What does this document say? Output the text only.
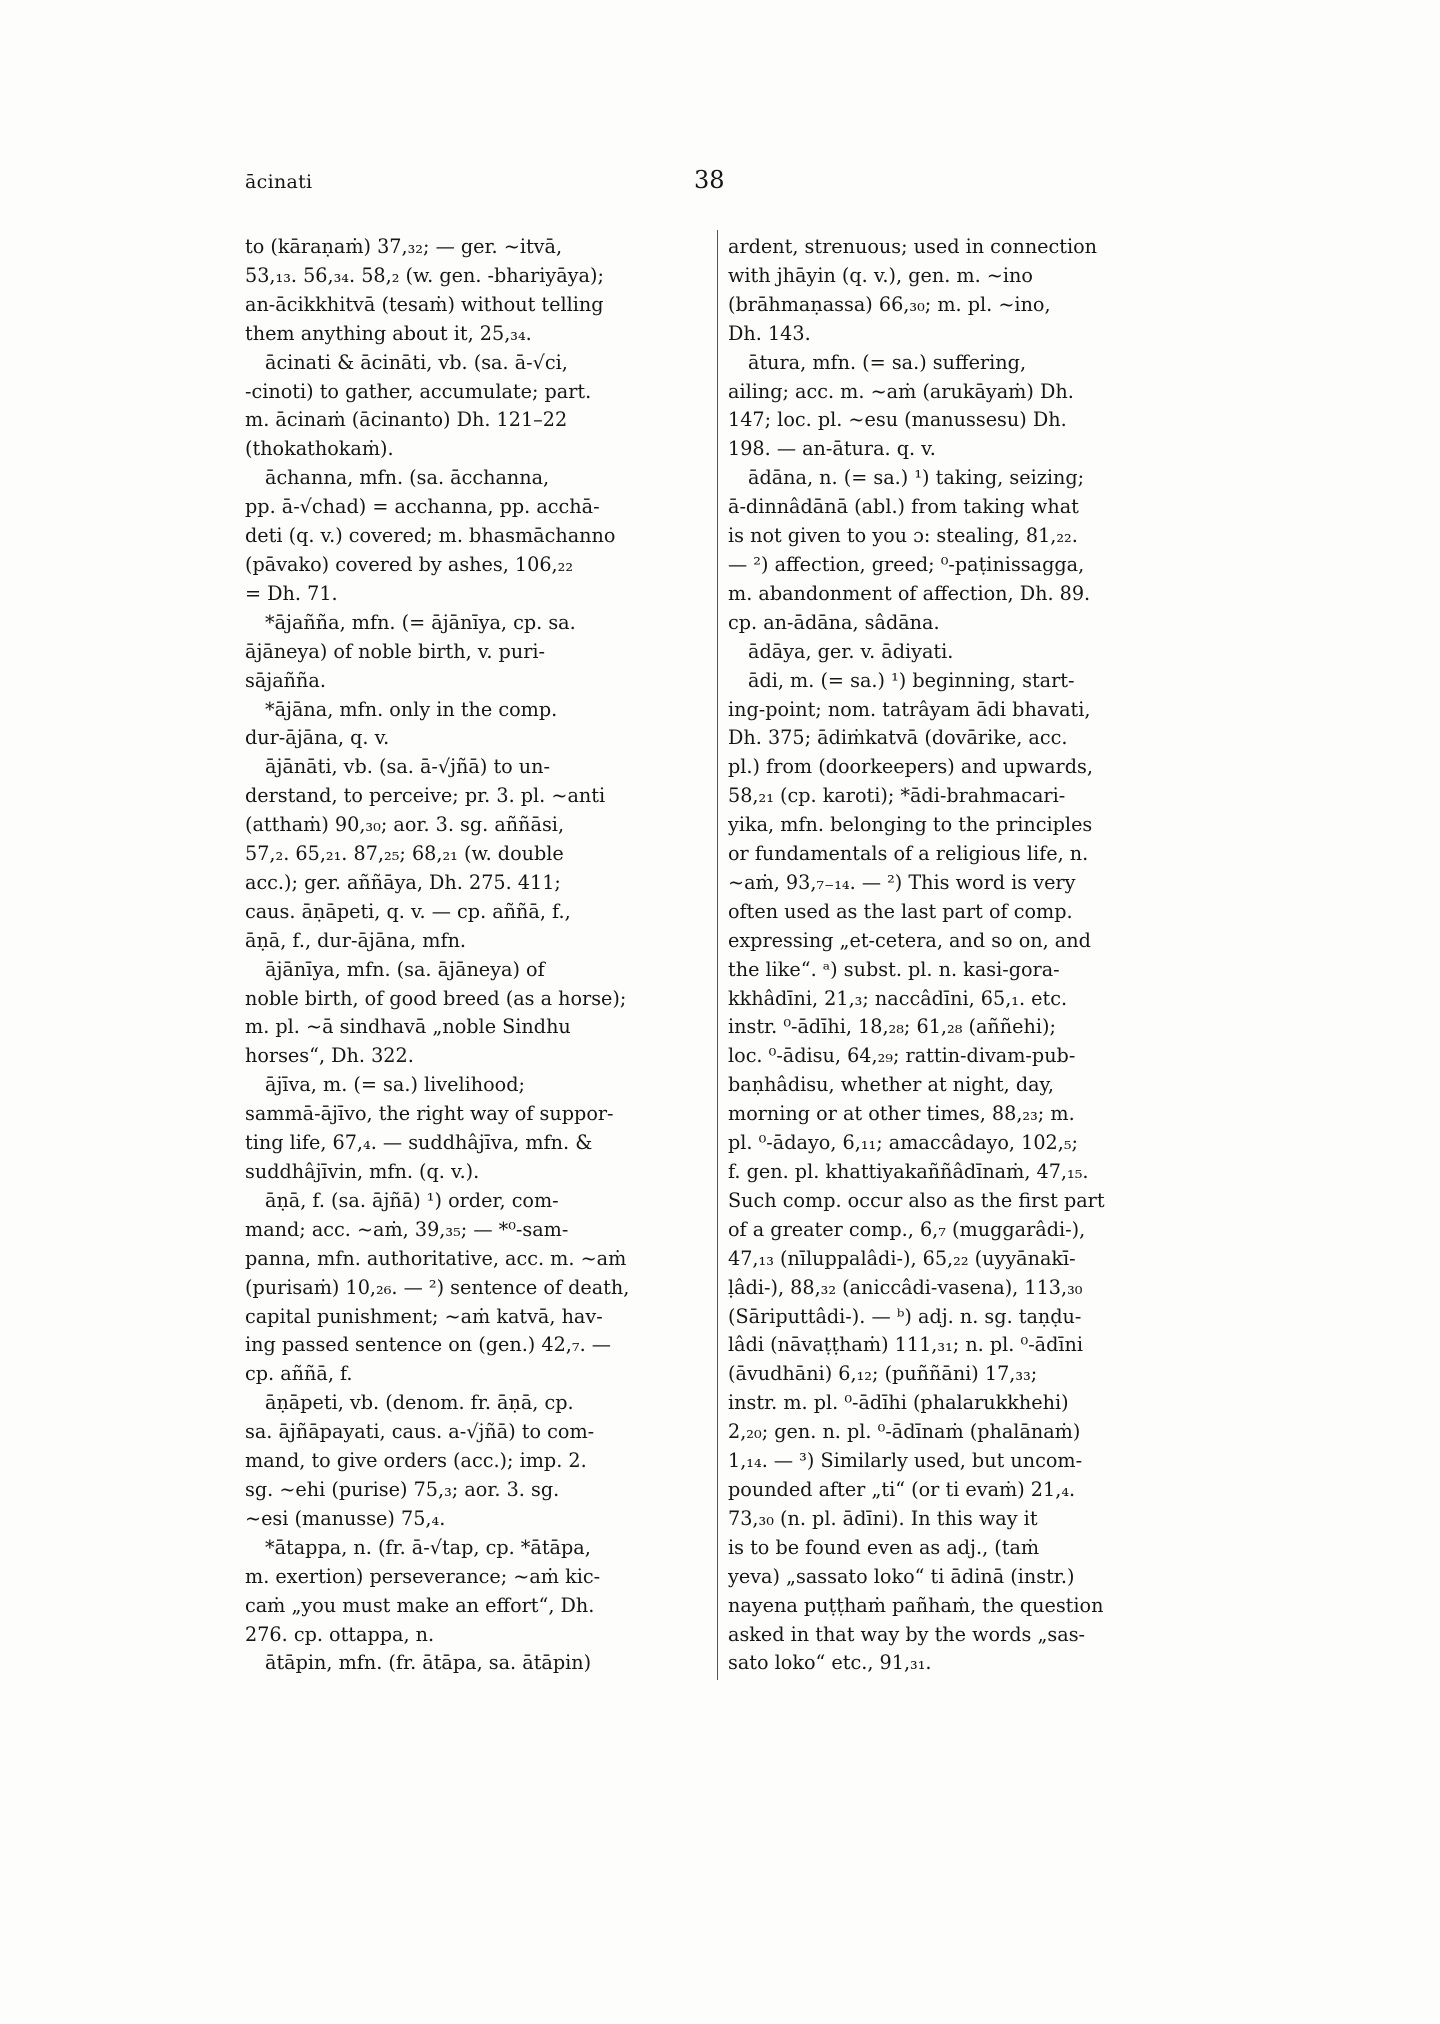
ācinati	38
to (kāraṇaṁ) 37,₃₂; — ger. ~itvā,
53,₁₃. 56,₃₄. 58,₂ (w. gen. -bhariyāya);
an-ācikkhitvā (tesaṁ) without telling
them anything about it, 25,₃₄.
ācinati & ācināti, vb. (sa. ā-√ci,
-cinoti) to gather, accumulate; part.
m. ācinaṁ (ācinanto) Dh. 121–22
(thokathokaṁ).
āchanna, mfn. (sa. ācchanna,
pp. ā-√chad) = acchanna, pp. acchā-
deti (q. v.) covered; m. bhasmāchanno
(pāvako) covered by ashes, 106,₂₂
= Dh. 71.
*ājañña, mfn. (= ājānīya, cp. sa.
ājāneya) of noble birth, v. puri-
sājañña.
*ājāna, mfn. only in the comp.
dur-ājāna, q. v.
ājānāti, vb. (sa. ā-√jñā) to un-
derstand, to perceive; pr. 3. pl. ~anti
(atthaṁ) 90,₃₀; aor. 3. sg. aññāsi,
57,₂. 65,₂₁. 87,₂₅; 68,₂₁ (w. double
acc.); ger. aññāya, Dh. 275. 411;
caus. āṇāpeti, q. v. — cp. aññā, f.,
āṇā, f., dur-ājāna, mfn.
ājānīya, mfn. (sa. ājāneya) of
noble birth, of good breed (as a horse);
m. pl. ~ā sindhavā „noble Sindhu
horses“, Dh. 322.
ājīva, m. (= sa.) livelihood;
sammā-ājīvo, the right way of suppor-
ting life, 67,₄. — suddhâjīva, mfn. &
suddhâjīvin, mfn. (q. v.).
āṇā, f. (sa. ājñā) ¹) order, com-
mand; acc. ~aṁ, 39,₃₅; — *⁰-sam-
panna, mfn. authoritative, acc. m. ~aṁ
(purisaṁ) 10,₂₆. — ²) sentence of death,
capital punishment; ~aṁ katvā, hav-
ing passed sentence on (gen.) 42,₇. —
cp. aññā, f.
āṇāpeti, vb. (denom. fr. āṇā, cp.
sa. ājñāpayati, caus. a-√jñā) to com-
mand, to give orders (acc.); imp. 2.
sg. ~ehi (purise) 75,₃; aor. 3. sg.
~esi (manusse) 75,₄.
*ātappa, n. (fr. ā-√tap, cp. *ātāpa,
m. exertion) perseverance; ~aṁ kic-
caṁ „you must make an effort“, Dh.
276. cp. ottappa, n.
ātāpin, mfn. (fr. ātāpa, sa. ātāpin)
ardent, strenuous; used in connection
with jhāyin (q. v.), gen. m. ~ino
(brāhmaṇassa) 66,₃₀; m. pl. ~ino,
Dh. 143.
ātura, mfn. (= sa.) suffering,
ailing; acc. m. ~aṁ (arukāyaṁ) Dh.
147; loc. pl. ~esu (manussesu) Dh.
198. — an-ātura. q. v.
ādāna, n. (= sa.) ¹) taking, seizing;
ā-dinnâdānā (abl.) from taking what
is not given to you ɔ: stealing, 81,₂₂.
— ²) affection, greed; ⁰-paṭinissagga,
m. abandonment of affection, Dh. 89.
cp. an-ādāna, sâdāna.
ādāya, ger. v. ādiyati.
ādi, m. (= sa.) ¹) beginning, start-
ing-point; nom. tatrâyam ādi bhavati,
Dh. 375; ādiṁkatvā (dovārike, acc.
pl.) from (doorkeepers) and upwards,
58,₂₁ (cp. karoti); *ādi-brahmacari-
yika, mfn. belonging to the principles
or fundamentals of a religious life, n.
~aṁ, 93,₇₋₁₄. — ²) This word is very
often used as the last part of comp.
expressing „et-cetera, and so on, and
the like“. ᵃ) subst. pl. n. kasi-gora-
kkhâdīni, 21,₃; naccâdīni, 65,₁. etc.
instr. ⁰-ādīhi, 18,₂₈; 61,₂₈ (aññehi);
loc. ⁰-ādisu, 64,₂₉; rattin-divam-pub-
baṇhâdisu, whether at night, day,
morning or at other times, 88,₂₃; m.
pl. ⁰-ādayo, 6,₁₁; amaccâdayo, 102,₅;
f. gen. pl. khattiyakaññâdīnaṁ, 47,₁₅.
Such comp. occur also as the first part
of a greater comp., 6,₇ (muggarâdi-),
47,₁₃ (nīluppalâdi-), 65,₂₂ (uyyānakī-
ḷâdi-), 88,₃₂ (aniccâdi-vasena), 113,₃₀
(Sāriputtâdi-). — ᵇ) adj. n. sg. taṇḍu-
lâdi (nāvaṭṭhaṁ) 111,₃₁; n. pl. ⁰-ādīni
(āvudhāni) 6,₁₂; (puññāni) 17,₃₃;
instr. m. pl. ⁰-ādīhi (phalarukkhehi)
2,₂₀; gen. n. pl. ⁰-ādīnaṁ (phalānaṁ)
1,₁₄. — ³) Similarly used, but uncom-
pounded after „ti“ (or ti evaṁ) 21,₄.
73,₃₀ (n. pl. ādīni). In this way it
is to be found even as adj., (taṁ
yeva) „sassato loko“ ti ādinā (instr.)
nayena puṭṭhaṁ pañhaṁ, the question
asked in that way by the words „sas-
sato loko“ etc., 91,₃₁.
